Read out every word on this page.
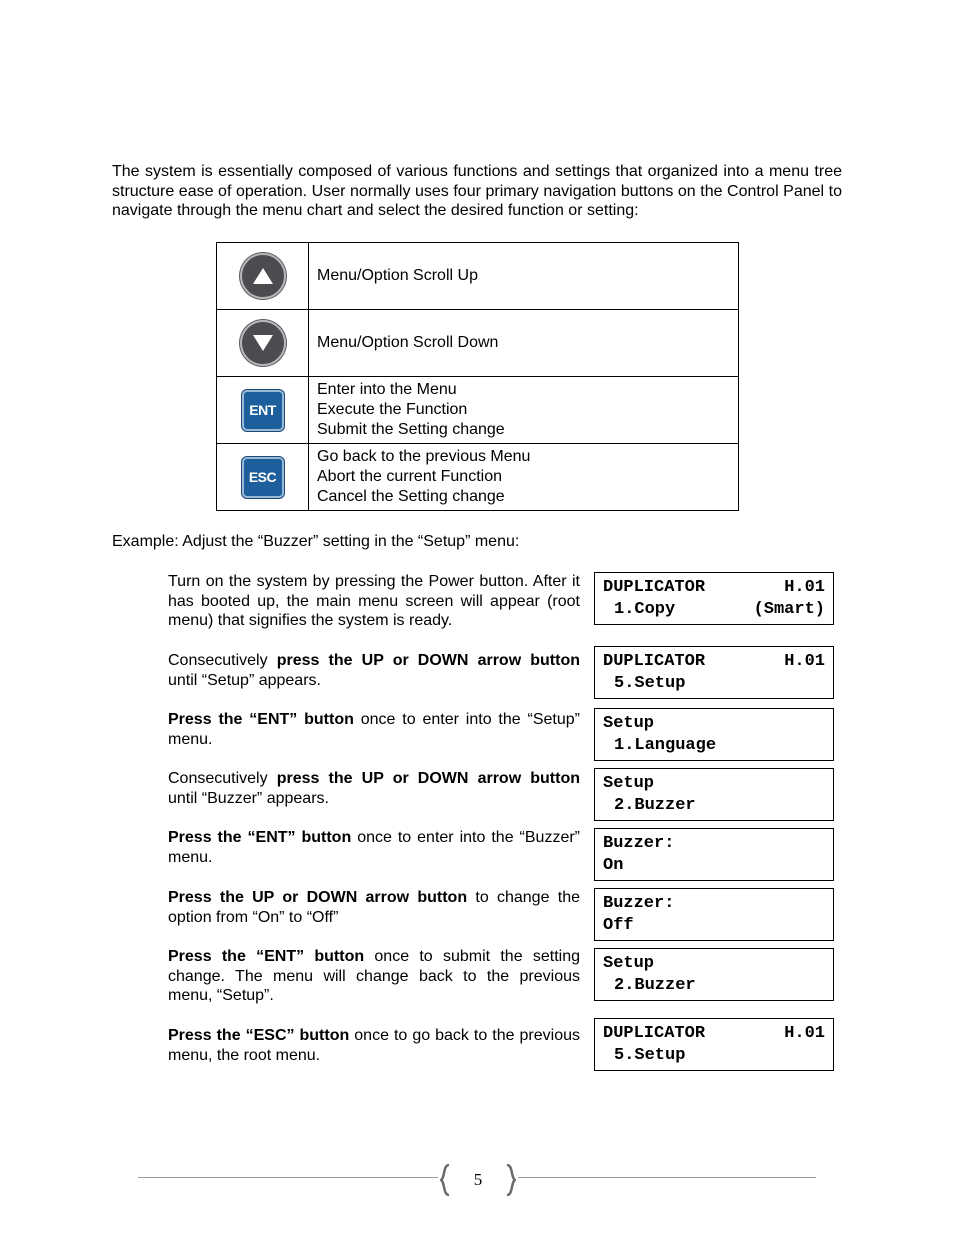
The system is essentially composed of various functions and settings that organized into a menu tree structure ease of operation. User normally uses four primary navigation buttons on the Control Panel to navigate through the menu chart and select the desired function or setting:

Menu/Option Scroll Up

Menu/Option Scroll Down

ENT	Enter into the Menu
Execute the Function
Submit the Setting change

ESC	Go back to the previous Menu
Abort the current Function
Cancel the Setting change

Example: Adjust the “Buzzer” setting in the “Setup” menu:

Turn on the system by pressing the Power button. After it has booted up, the main menu screen will appear (root menu) that signifies the system is ready.

Consecutively press the UP or DOWN arrow button until “Setup” appears.

Press the “ENT” button once to enter into the “Setup” menu.

Consecutively press the UP or DOWN arrow button until “Buzzer” appears.

Press the “ENT” button once to enter into the “Buzzer” menu.

Press the UP or DOWN arrow button to change the option from “On” to “Off”

Press the “ENT” button once to submit the setting change. The menu will change back to the previous menu, “Setup”.

Press the “ESC” button once to go back to the previous menu, the root menu.

DUPLICATOR	H.01
1.Copy	(Smart)
DUPLICATOR	H.01
5.Setup
Setup
1.Language
Setup
2.Buzzer
Buzzer:
On
Buzzer:
Off
Setup
2.Buzzer
DUPLICATOR	H.01
5.Setup
5
